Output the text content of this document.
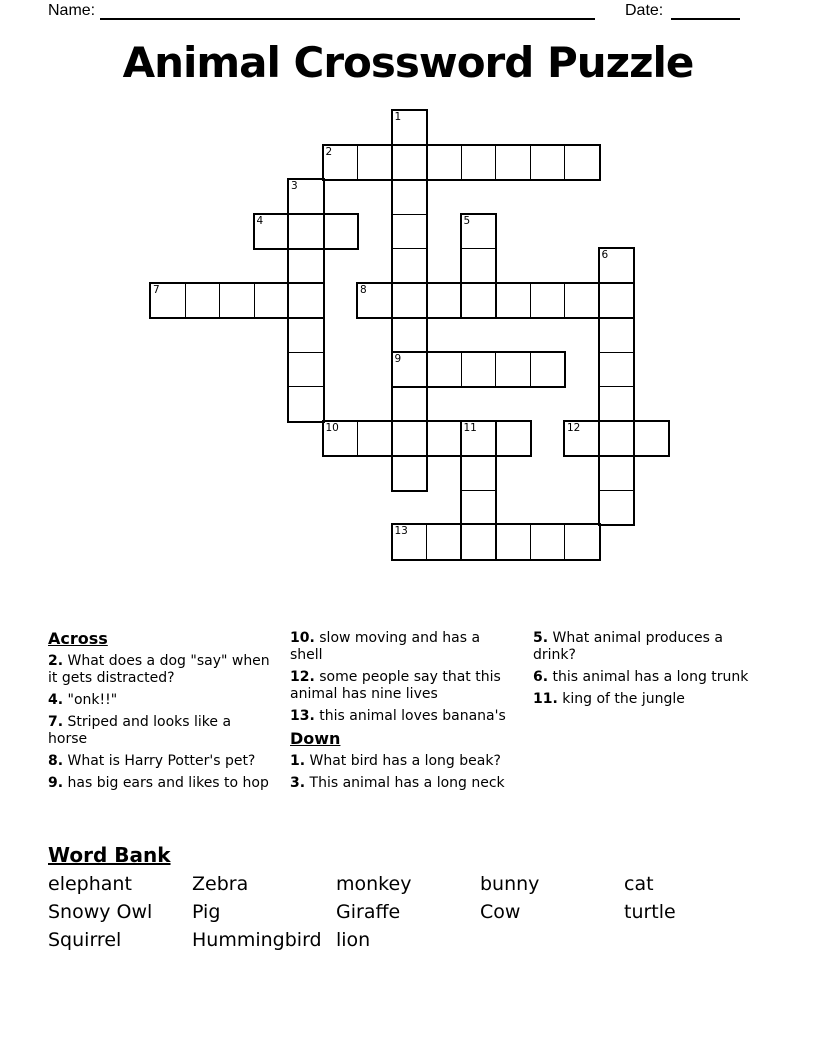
Name:	Date:
Animal Crossword Puzzle
2
4
7	8
9
10	11	12
13
1
3
5
6
Across
2. What does a dog "say" when it gets distracted?
4. "onk!!"
7. Striped and looks like a horse
8. What is Harry Potter's pet?
9. has big ears and likes to hop
10. slow moving and has a shell
12. some people say that this animal has nine lives
13. this animal loves banana's
Down
1. What bird has a long beak?
3. This animal has a long neck
5. What animal produces a drink?
6. this animal has a long trunk
11. king of the jungle
Word Bank
elephant	Zebra	monkey	bunny	cat
Snowy Owl	Pig	Giraffe	Cow	turtle
Squirrel	Hummingbird lion
